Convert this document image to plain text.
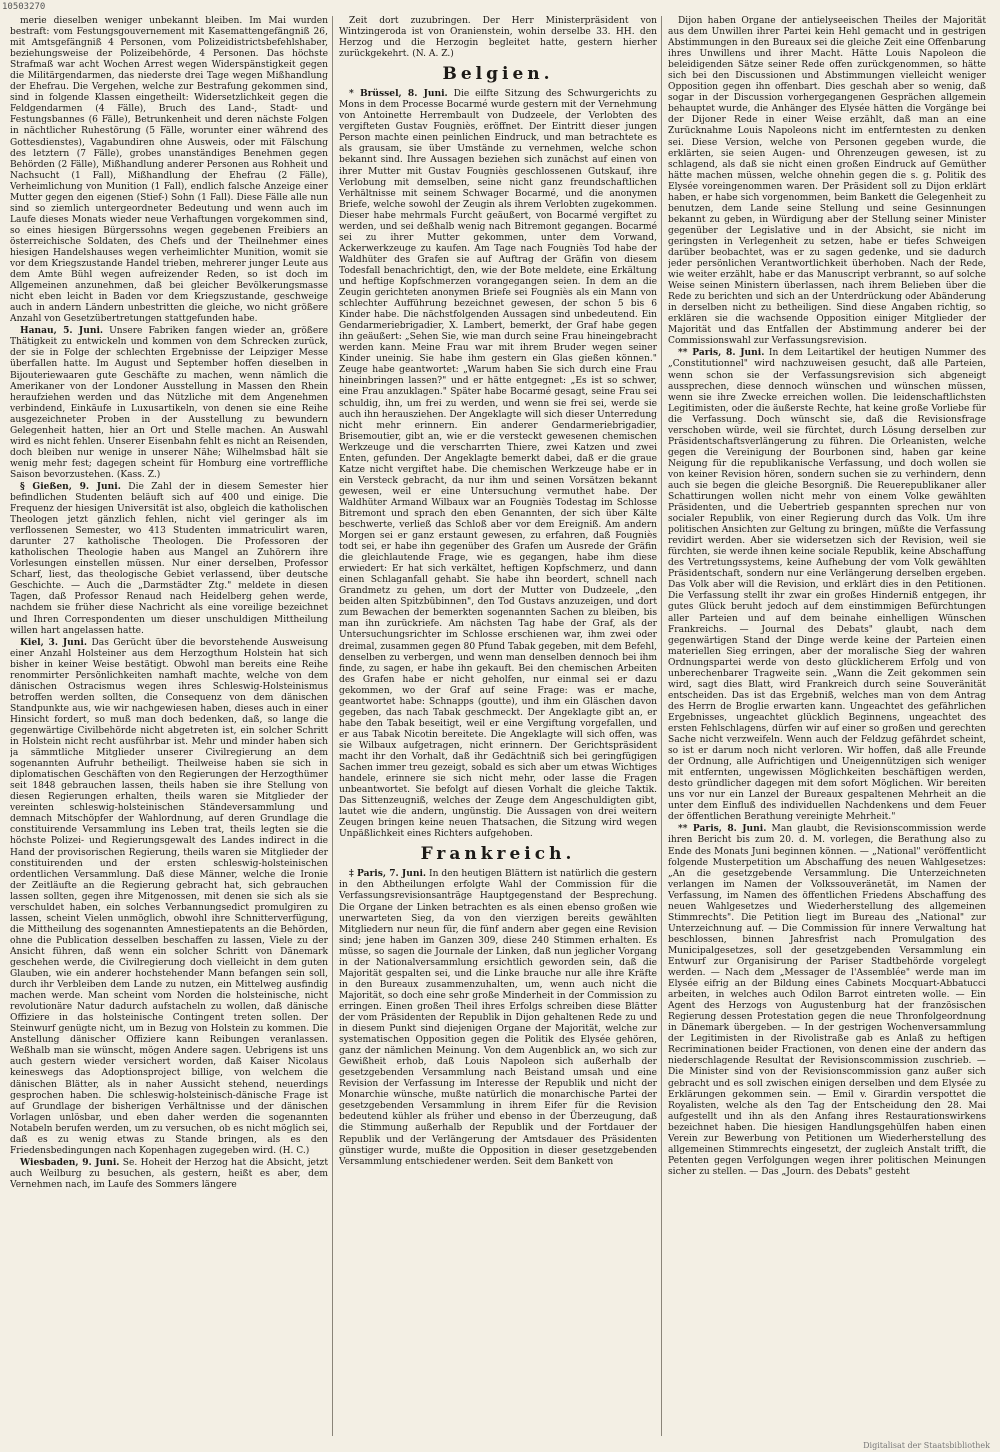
10503270

merie dieselben weniger unbekannt bleiben. Im Mai wurden bestraft: vom Festungsgouvernement mit Kasemattengefängniß 26, mit Amtsgefängniß 4 Personen, vom Polizeidistrictsbefehlshaber, beziehungsweise der Polizeibehörde, 4 Personen. Das höchste Strafmaß war acht Wochen Arrest wegen Widerspänstigkeit gegen die Militärgendarmen, das niederste drei Tage wegen Mißhandlung der Ehefrau. Die Vergehen, welche zur Bestrafung gekommen sind, sind in folgende Klassen eingetheilt: Widersetzlichkeit gegen die Feldgendarmen (4 Fälle), Bruch des Land-, Stadt- und Festungsbannes (6 Fälle), Betrunkenheit und deren nächste Folgen in nächtlicher Ruhestörung (5 Fälle, worunter einer während des Gottesdienstes), Vagabundiren ohne Ausweis, oder mit Fälschung des letztern (7 Fälle), grobes unanständiges Benehmen gegen Behörden (2 Fälle), Mißhandlung anderer Personen aus Rohheit und Nachsucht (1 Fall), Mißhandlung der Ehefrau (2 Fälle), Verheimlichung von Munition (1 Fall), endlich falsche Anzeige einer Mutter gegen den eigenen (Stief-) Sohn (1 Fall). Diese Fälle alle nun sind so ziemlich untergeordneter Bedeutung und wenn auch im Laufe dieses Monats wieder neue Verhaftungen vorgekommen sind, so eines hiesigen Bürgerssohns wegen gegebenen Freibiers an österreichische Soldaten, des Chefs und der Theilnehmer eines hiesigen Handelshauses wegen verheimlichter Munition, womit sie vor dem Kriegszustande Handel trieben, mehrerer junger Leute aus dem Amte Bühl wegen aufreizender Reden, so ist doch im Allgemeinen anzunehmen, daß bei gleicher Bevölkerungsmasse nicht eben leicht in Baden vor dem Kriegszustande, geschweige auch in andern Ländern unbestritten die gleiche, wo nicht größere Anzahl von Gesetzübertretungen stattgefunden habe.

Hanau, 5. Juni. Unsere Fabriken fangen wieder an, größere Thätigkeit zu entwickeln und kommen von dem Schrecken zurück, der sie in Folge der schlechten Ergebnisse der Leipziger Messe überfallen hatte. Im August und September hoffen dieselben in Bijouteriewaaren gute Geschäfte zu machen, wenn nämlich die Amerikaner von der Londoner Ausstellung in Massen den Rhein heraufziehen werden und das Nützliche mit dem Angenehmen verbindend, Einkäufe in Luxusartikeln, von denen sie eine Reihe ausgezeichneter Proben in der Ausstellung zu bewundern Gelegenheit hatten, hier an Ort und Stelle machen. An Auswahl wird es nicht fehlen. Unserer Eisenbahn fehlt es nicht an Reisenden, doch bleiben nur wenige in unserer Nähe; Wilhelmsbad hält sie wenig mehr fest; dagegen scheint für Homburg eine vortreffliche Saison bevorzustehen. (Kass. Z.)

§ Gießen, 9. Juni. Die Zahl der in diesem Semester hier befindlichen Studenten beläuft sich auf 400 und einige. Die Frequenz der hiesigen Universität ist also, obgleich die katholischen Theologen jetzt gänzlich fehlen, nicht viel geringer als im verflossenen Semester, wo 413 Studenten immatriculirt waren, darunter 27 katholische Theologen. Die Professoren der katholischen Theologie haben aus Mangel an Zuhörern ihre Vorlesungen einstellen müssen. Nur einer derselben, Professor Scharf, liest, das theologische Gebiet verlassend, über deutsche Geschichte. — Auch die „Darmstädter Ztg." meldete in diesen Tagen, daß Professor Renaud nach Heidelberg gehen werde, nachdem sie früher diese Nachricht als eine voreilige bezeichnet und Ihren Correspondenten um dieser unschuldigen Mittheilung willen hart angelassen hatte.

Kiel, 3. Juni. Das Gerücht über die bevorstehende Ausweisung einer Anzahl Holsteiner aus dem Herzogthum Holstein hat sich bisher in keiner Weise bestätigt. Obwohl man bereits eine Reihe renommirter Persönlichkeiten namhaft machte, welche von dem dänischen Ostracismus wegen ihres Schleswig-Holsteinismus betroffen werden sollten, die Consequenz von dem dänischen Standpunkte aus, wie wir nachgewiesen haben, dieses auch in einer Hinsicht fordert, so muß man doch bedenken, daß, so lange die gegenwärtige Civilbehörde nicht abgetreten ist, ein solcher Schritt in Holstein nicht recht ausführbar ist. Mehr und minder haben sich ja sämmtliche Mitglieder unserer Civilregierung an dem sogenannten Aufruhr betheiligt. Theilweise haben sie sich in diplomatischen Geschäften von den Regierungen der Herzogthümer seit 1848 gebrauchen lassen, theils haben sie ihre Stellung von diesen Regierungen erhalten, theils waren sie Mitglieder der vereinten schleswig-holsteinischen Ständeversammlung und demnach Mitschöpfer der Wahlordnung, auf deren Grundlage die constituirende Versammlung ins Leben trat, theils legten sie die höchste Polizei- und Regierungsgewalt des Landes indirect in die Hand der provisorischen Regierung, theils waren sie Mitglieder der constituirenden und der ersten schleswig-holsteinischen ordentlichen Versammlung. Daß diese Männer, welche die Ironie der Zeitläufte an die Regierung gebracht hat, sich gebrauchen lassen sollten, gegen ihre Mitgenossen, mit denen sie sich als sie verschuldet haben, ein solches Verbannungsedict promulgiren zu lassen, scheint Vielen unmöglich, obwohl ihre Schnitterverfügung, die Mittheilung des sogenannten Amnestiepatents an die Behörden, ohne die Publication desselben beschaffen zu lassen, Viele zu der Ansicht führen, daß wenn ein solcher Schritt von Dänemark geschehen werde, die Civilregierung doch vielleicht in dem guten Glauben, wie ein anderer hochstehender Mann befangen sein soll, durch ihr Verbleiben dem Lande zu nutzen, ein Mittelweg ausfindig machen werde. Man scheint vom Norden die holsteinische, nicht revolutionäre Natur dadurch aufstacheln zu wollen, daß dänische Offiziere in das holsteinische Contingent treten sollen. Der Steinwurf genügte nicht, um in Bezug von Holstein zu kommen. Die Anstellung dänischer Offiziere kann Reibungen veranlassen. Weßhalb man sie wünscht, mögen Andere sagen. Uebrigens ist uns auch gestern wieder versichert worden, daß Kaiser Nicolaus keineswegs das Adoptionsproject billige, von welchem die dänischen Blätter, als in naher Aussicht stehend, neuerdings gesprochen haben. Die schleswig-holsteinisch-dänische Frage ist auf Grundlage der bisherigen Verhältnisse und der dänischen Vorlagen unlösbar, und eben daher werden die sogenannten Notabeln berufen werden, um zu versuchen, ob es nicht möglich sei, daß es zu wenig etwas zu Stande bringen, als es den Friedensbedingungen nach Kopenhagen zugegeben wird. (H. C.)

Wiesbaden, 9. Juni. Se. Hoheit der Herzog hat die Absicht, jetzt auch Weilburg zu besuchen, als gestern, heißt es aber, dem Vernehmen nach, im Laufe des Sommers längere

Zeit dort zuzubringen. Der Herr Ministerpräsident von Wintzingeroda ist von Oranienstein, wohin derselbe 33. HH. den Herzog und die Herzogin begleitet hatte, gestern hierher zurückgekehrt. (N. A. Z.)

Belgien.

* Brüssel, 8. Juni. Die eilfte Sitzung des Schwurgerichts zu Mons in dem Processe Bocarmé wurde gestern mit der Vernehmung von Antoinette Herrembault von Dudzeele, der Verlobten des vergifteten Gustav Fougniès, eröffnet. Der Eintritt dieser jungen Person machte einen peinlichen Eindruck, und man betrachtete es als grausam, sie über Umstände zu vernehmen, welche schon bekannt sind. Ihre Aussagen beziehen sich zunächst auf einen von ihrer Mutter mit Gustav Fougniès geschlossenen Gutskauf, ihre Verlobung mit demselben, seine nicht ganz freundschaftlichen Verhältnisse mit seinem Schwager Bocarmé, und die anonymen Briefe, welche sowohl der Zeugin als ihrem Verlobten zugekommen. Dieser habe mehrmals Furcht geäußert, von Bocarmé vergiftet zu werden, und sei deßhalb wenig nach Bitremont gegangen. Bocarmé sei zu ihrer Mutter gekommen, unter dem Vorwand, Ackerwerkzeuge zu kaufen. Am Tage nach Fougniès Tod habe der Waldhüter des Grafen sie auf Auftrag der Gräfin von diesem Todesfall benachrichtigt, den, wie der Bote meldete, eine Erkältung und heftige Kopfschmerzen vorangegangen seien. In dem an die Zeugin gerichteten anonymen Briefe sei Fougniès als ein Mann von schlechter Aufführung bezeichnet gewesen, der schon 5 bis 6 Kinder habe. Die nächstfolgenden Aussagen sind unbedeutend. Ein Gendarmeriebrigadier, X. Lambert, bemerkt, der Graf habe gegen ihn geäußert: „Sehen Sie, wie man durch seine Frau hineingebracht werden kann. Meine Frau war mit ihrem Bruder wegen seiner Kinder uneinig. Sie habe ihm gestern ein Glas gießen können." Zeuge habe geantwortet: „Warum haben Sie sich durch eine Frau hineinbringen lassen?" und er hätte entgegnet: „Es ist so schwer, eine Frau anzuklagen." Später habe Bocarmé gesagt, seine Frau sei schuldig, ihn, um frei zu werden, und wenn sie frei sei, werde sie auch ihn herausziehen. Der Angeklagte will sich dieser Unterredung nicht mehr erinnern. Ein anderer Gendarmeriebrigadier, Brisemoutier, gibt an, wie er die versteckt gewesenen chemischen Werkzeuge und die verscharrten Thiere, zwei Katzen und zwei Enten, gefunden. Der Angeklagte bemerkt dabei, daß er die graue Katze nicht vergiftet habe. Die chemischen Werkzeuge habe er in ein Versteck gebracht, da nur ihm und seinen Vorsätzen bekannt gewesen, weil er eine Untersuchung vermuthet habe. Der Waldhüter Armand Wilbaux war an Fougniès Todestag im Schlosse Bitremont und sprach den eben Genannten, der sich über Kälte beschwerte, verließ das Schloß aber vor dem Ereigniß. Am andern Morgen sei er ganz erstaunt gewesen, zu erfahren, daß Fougniès todt sei, er habe ihn gegenüber des Grafen um Ausrede der Gräfin die gleichlautende Frage, wie es gegangen, habe ihm diese erwiedert: Er hat sich verkältet, heftigen Kopfschmerz, und dann einen Schlaganfall gehabt. Sie habe ihn beordert, schnell nach Grandmetz zu gehen, um dort der Mutter von Dudzeele, „den beiden alten Spitzbübinnen", den Tod Gustavs anzuzeigen, und dort zum Bewachen der bemerkten sogenannten Sachen zu bleiben, bis man ihn zurückriefe. Am nächsten Tag habe der Graf, als der Untersuchungsrichter im Schlosse erschienen war, ihm zwei oder dreimal, zusammen gegen 80 Pfund Tabak gegeben, mit dem Befehl, denselben zu verbergen, und wenn man denselben dennoch bei ihm finde, zu sagen, er habe ihn gekauft. Bei den chemischen Arbeiten des Grafen habe er nicht geholfen, nur einmal sei er dazu gekommen, wo der Graf auf seine Frage: was er mache, geantwortet habe: Schnapps (goutte), und ihm ein Gläschen davon gegeben, das nach Tabak geschmeckt. Der Angeklagte gibt an, er habe den Tabak beseitigt, weil er eine Vergiftung vorgefallen, und er aus Tabak Nicotin bereitete. Die Angeklagte will sich offen, was sie Wilbaux aufgetragen, nicht erinnern. Der Gerichtspräsident macht ihr den Vorhalt, daß ihr Gedächtniß sich bei geringfügigen Sachen immer treu gezeigt, sobald es sich aber um etwas Wichtiges handele, erinnere sie sich nicht mehr, oder lasse die Fragen unbeantwortet. Sie befolgt auf diesen Vorhalt die gleiche Taktik. Das Sittenzeugniß, welches der Zeuge dem Angeschuldigten gibt, lautet wie die andern, ungünstig. Die Aussagen von drei weitern Zeugen bringen keine neuen Thatsachen, die Sitzung wird wegen Unpäßlichkeit eines Richters aufgehoben.

Frankreich.

‡ Paris, 7. Juni. In den heutigen Blättern ist natürlich die gestern in den Abtheilungen erfolgte Wahl der Commission für die Verfassungsrevisionsanträge Hauptgegenstand der Besprechung. Die Organe der Linken betrachten es als einen ebenso großen wie unerwarteten Sieg, da von den vierzigen bereits gewählten Mitgliedern nur neun für, die fünf andern aber gegen eine Revision sind; jene haben im Ganzen 309, diese 240 Stimmen erhalten. Es müsse, so sagen die Journale der Linken, daß nun jeglicher Vorgang in der Nationalversammlung ersichtlich geworden sein, daß die Majorität gespalten sei, und die Linke brauche nur alle ihre Kräfte in den Bureaux zusammenzuhalten, um, wenn auch nicht die Majorität, so doch eine sehr große Minderheit in der Commission zu erringen. Einen großen Theil ihres Erfolgs schreiben diese Blätter der vom Präsidenten der Republik in Dijon gehaltenen Rede zu und in diesem Punkt sind diejenigen Organe der Majorität, welche zur systematischen Opposition gegen die Politik des Elysée gehören, ganz der nämlichen Meinung. Von dem Augenblick an, wo sich zur Gewißheit erhob, daß Louis Napoleon sich außerhalb der gesetzgebenden Versammlung nach Beistand umsah und eine Revision der Verfassung im Interesse der Republik und nicht der Monarchie wünsche, mußte natürlich die monarchische Partei der gesetzgebenden Versammlung in ihrem Eifer für die Revision bedeutend kühler als früher und ebenso in der Überzeugung, daß die Stimmung außerhalb der Republik und der Fortdauer der Republik und der Verlängerung der Amtsdauer des Präsidenten günstiger wurde, mußte die Opposition in dieser gesetzgebenden Versammlung entschiedener werden. Seit dem Bankett von

Dijon haben Organe der antielyseeischen Theiles der Majorität aus dem Unwillen ihrer Partei kein Hehl gemacht und in gestrigen Abstimmungen in den Bureaux sei die gleiche Zeit eine Offenbarung ihres Unwillens und ihrer Macht. Hätte Louis Napoleon die beleidigenden Sätze seiner Rede offen zurückgenommen, so hätte sich bei den Discussionen und Abstimmungen vielleicht weniger Opposition gegen ihn offenbart. Dies geschah aber so wenig, daß sogar in der Discussion vorhergegangenen Gesprächen allgemein behauptet wurde, die Anhänger des Elysée hätten die Vorgänge bei der Dijoner Rede in einer Weise erzählt, daß man an eine Zurücknahme Louis Napoleons nicht im entferntesten zu denken sei. Diese Version, welche von Personen gegeben wurde, die erklärten, sie seien Augen- und Ohrenzeugen gewesen, ist zu schlagend, als daß sie nicht einen großen Eindruck auf Gemüther hätte machen müssen, welche ohnehin gegen die s. g. Politik des Elysée voreingenommen waren. Der Präsident soll zu Dijon erklärt haben, er habe sich vorgenommen, beim Bankett die Gelegenheit zu benutzen, dem Lande seine Stellung und seine Gesinnungen bekannt zu geben, in Würdigung aber der Stellung seiner Minister gegenüber der Legislative und in der Absicht, sie nicht im geringsten in Verlegenheit zu setzen, habe er tiefes Schweigen darüber beobachtet, was er zu sagen gedenke, und sie dadurch jeder persönlichen Verantwortlichkeit überhoben. Nach der Rede, wie weiter erzählt, habe er das Manuscript verbrannt, so auf solche Weise seinen Ministern überlassen, nach ihrem Belieben über die Rede zu berichten und sich an der Unterdrückung oder Abänderung in derselben nicht zu betheiligen. Sind diese Angaben richtig, so erklären sie die wachsende Opposition einiger Mitglieder der Majorität und das Entfallen der Abstimmung anderer bei der Commissionswahl zur Verfassungsrevision.

** Paris, 8. Juni. In dem Leitartikel der heutigen Nummer des „Constitutionnel" wird nachzuweisen gesucht, daß alle Parteien, wenn schon sie der Verfassungsrevision sich abgeneigt aussprechen, diese dennoch wünschen und wünschen müssen, wenn sie ihre Zwecke erreichen wollen. Die leidenschaftlichsten Legitimisten, oder die äußerste Rechte, hat keine große Vorliebe für die Verfassung. Doch wünscht sie, daß die Revisionsfrage verschoben würde, weil sie fürchtet, durch Lösung derselben zur Präsidentschaftsverlängerung zu führen. Die Orleanisten, welche gegen die Vereinigung der Bourbonen sind, haben gar keine Neigung für die republikanische Verfassung, und doch wollen sie von keiner Revision hören, sondern suchen sie zu verhindern, denn auch sie begen die gleiche Besorgniß. Die Reuerepublikaner aller Schattirungen wollen nicht mehr von einem Volke gewählten Präsidenten, und die Uebertrieb gespannten sprechen nur von socialer Republik, von einer Regierung durch das Volk. Um ihre politischen Ansichten zur Geltung zu bringen, müßte die Verfassung revidirt werden. Aber sie widersetzen sich der Revision, weil sie fürchten, sie werde ihnen keine sociale Republik, keine Abschaffung des Vertretungssystems, keine Aufhebung der vom Volk gewählten Präsidentschaft, sondern nur eine Verlängerung derselben ergeben. Das Volk aber will die Revision, und erklärt dies in den Petitionen. Die Verfassung stellt ihr zwar ein großes Hinderniß entgegen, ihr gutes Glück beruht jedoch auf dem einstimmigen Befürchtungen aller Parteien und auf dem beinahe einhelligen Wünschen Frankreichs. — Journal des Debats" glaubt, nach dem gegenwärtigen Stand der Dinge werde keine der Parteien einen materiellen Sieg erringen, aber der moralische Sieg der wahren Ordnungspartei werde von desto glücklicherem Erfolg und von unberechenbarer Tragweite sein. „Wann die Zeit gekommen sein wird, sagt dies Blatt, wird Frankreich durch seine Souveränität entscheiden. Das ist das Ergebniß, welches man von dem Antrag des Herrn de Broglie erwarten kann. Ungeachtet des gefährlichen Ergebnisses, ungeachtet glücklich Beginnens, ungeachtet des ersten Fehlschlagens, dürfen wir auf einer so großen und gerechten Sache nicht verzweifeln. Wenn auch der Feldzug gefährdet scheint, so ist er darum noch nicht verloren. Wir hoffen, daß alle Freunde der Ordnung, alle Aufrichtigen und Uneigennützigen sich weniger mit entfernten, ungewissen Möglichkeiten beschäftigen werden, desto gründlicher dagegen mit dem sofort Möglichen. Wir bereiten uns vor nur ein Lanzel der Bureaux gespaltenen Mehrheit an die unter dem Einfluß des individuellen Nachdenkens und dem Feuer der öffentlichen Berathung vereinigte Mehrheit."

** Paris, 8. Juni. Man glaubt, die Revisionscommission werde ihren Bericht bis zum 20. d. M. vorlegen, die Berathung also zu Ende des Monats Juni beginnen können. — „National" veröffentlicht folgende Musterpetition um Abschaffung des neuen Wahlgesetzes: „An die gesetzgebende Versammlung. Die Unterzeichneten verlangen im Namen der Volkssouveränetät, im Namen der Verfassung, im Namen des öffentlichen Friedens Abschaffung des neuen Wahlgesetzes und Wiederherstellung des allgemeinen Stimmrechts". Die Petition liegt im Bureau des „National" zur Unterzeichnung auf. — Die Commission für innere Verwaltung hat beschlossen, binnen Jahresfrist nach Promulgation des Municipalgesetzes, soll der gesetzgebenden Versammlung ein Entwurf zur Organisirung der Pariser Stadtbehörde vorgelegt werden. — Nach dem „Messager de l'Assemblée" werde man im Elysée eifrig an der Bildung eines Cabinets Mocquart-Abbatucci arbeiten, in welches auch Odilon Barrot eintreten wolle. — Ein Agent des Herzogs von Augustenburg hat der französischen Regierung dessen Protestation gegen die neue Thronfolgeordnung in Dänemark übergeben. — In der gestrigen Wochenversammlung der Legitimisten in der Rivolistraße gab es Anlaß zu heftigen Recriminationen beider Fractionen, von denen eine der andern das niederschlagende Resultat der Revisionscommission zuschrieb. — Die Minister sind von der Revisionscommission ganz außer sich gebracht und es soll zwischen einigen derselben und dem Elysée zu Erklärungen gekommen sein. — Emil v. Girardin verspottet die Royalisten, welche als den Tag der Entscheidung den 28. Mai aufgestellt und ihn als den Anfang ihres Restaurationswirkens bezeichnet haben. Die hiesigen Handlungsgehülfen haben einen Verein zur Bewerbung von Petitionen um Wiederherstellung des allgemeinen Stimmrechts eingesetzt, der zugleich Anstalt trifft, die Petenten gegen Verfolgungen wegen ihrer politischen Meinungen sicher zu stellen. — Das „Journ. des Debats" gesteht

Digitalisat der Staatsbibliothek
